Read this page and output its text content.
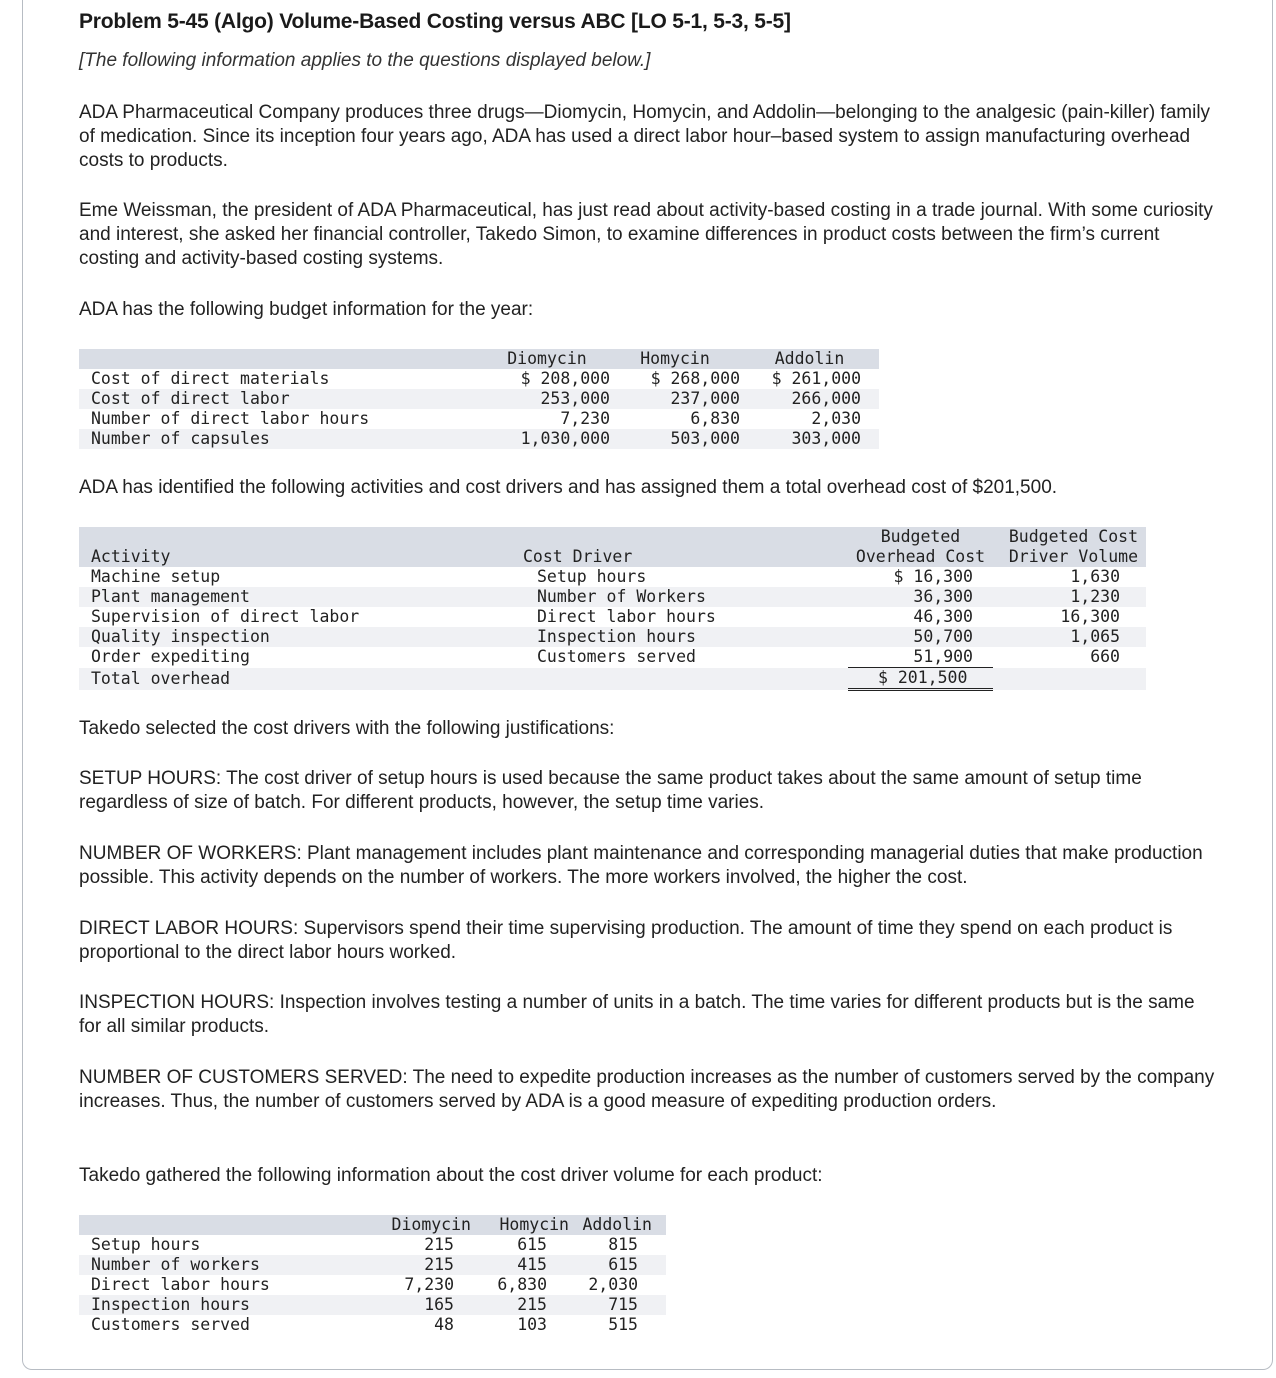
Problem 5-45 (Algo) Volume-Based Costing versus ABC [LO 5-1, 5-3, 5-5]
[The following information applies to the questions displayed below.]

ADA Pharmaceutical Company produces three drugs—Diomycin, Homycin, and Addolin—belonging to the analgesic (pain-killer) family of medication. Since its inception four years ago, ADA has used a direct labor hour–based system to assign manufacturing overhead costs to products.

Eme Weissman, the president of ADA Pharmaceutical, has just read about activity-based costing in a trade journal. With some curiosity and interest, she asked her financial controller, Takedo Simon, to examine differences in product costs between the firm’s current costing and activity-based costing systems.

ADA has the following budget information for the year:

	Diomycin	Homycin	Addolin
Cost of direct materials	$ 208,000	$ 268,000	$ 261,000
Cost of direct labor	253,000	237,000	266,000
Number of direct labor hours	7,230	6,830	2,030
Number of capsules	1,030,000	503,000	303,000

ADA has identified the following activities and cost drivers and has assigned them a total overhead cost of $201,500.

		Budgeted	Budgeted Cost
Activity	Cost Driver	Overhead Cost	Driver Volume
Machine setup	Setup hours	$ 16,300	1,630
Plant management	Number of Workers	36,300	1,230
Supervision of direct labor	Direct labor hours	46,300	16,300
Quality inspection	Inspection hours	50,700	1,065
Order expediting	Customers served	51,900	660
Total overhead		$ 201,500	

Takedo selected the cost drivers with the following justifications:

SETUP HOURS: The cost driver of setup hours is used because the same product takes about the same amount of setup time regardless of size of batch. For different products, however, the setup time varies.

NUMBER OF WORKERS: Plant management includes plant maintenance and corresponding managerial duties that make production possible. This activity depends on the number of workers. The more workers involved, the higher the cost.

DIRECT LABOR HOURS: Supervisors spend their time supervising production. The amount of time they spend on each product is proportional to the direct labor hours worked.

INSPECTION HOURS: Inspection involves testing a number of units in a batch. The time varies for different products but is the same for all similar products.

NUMBER OF CUSTOMERS SERVED: The need to expedite production increases as the number of customers served by the company increases. Thus, the number of customers served by ADA is a good measure of expediting production orders.

Takedo gathered the following information about the cost driver volume for each product:

	Diomycin	Homycin	Addolin
Setup hours	215	615	815
Number of workers	215	415	615
Direct labor hours	7,230	6,830	2,030
Inspection hours	165	215	715
Customers served	48	103	515
